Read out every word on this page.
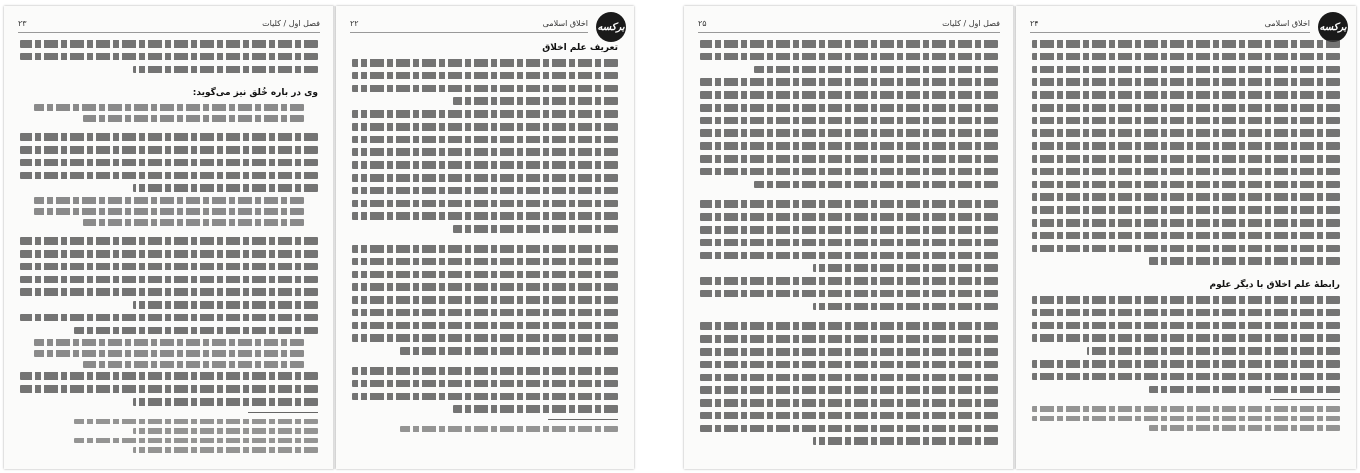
فصل اول / کلیات
۲۳
وی در باره خُلق نیز می‌گوید:
برکسه
اخلاق اسلامی
۲۲
تعریف علم اخلاق
فصل اول / کلیات
۲۵	برکسه
اخلاق اسلامی
۲۴
رابطهٔ علم اخلاق با دیگر علوم
